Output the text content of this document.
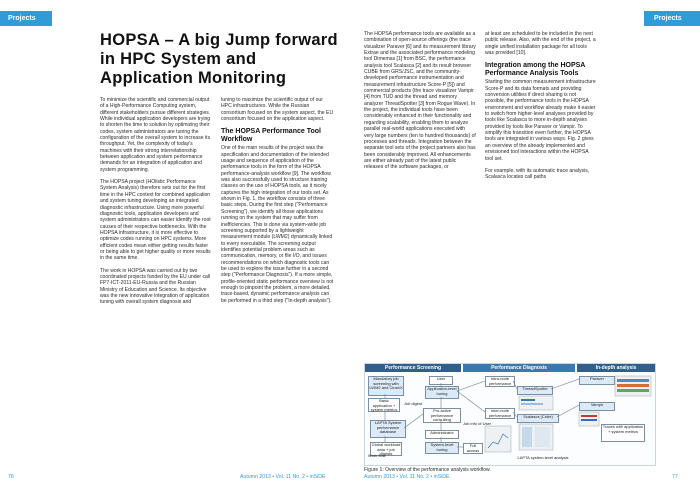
Projects	Projects
HOPSA – A big Jump forward in HPC System and Application Monitoring

To minimize the scientific and commercial output of a High-Performance Computing system, different stakeholders pursue different strategies. While individual application developers are trying to shorten the time to solution by optimizing their codes, system administrators are tuning the configuration of the overall system to increase its throughput. Yet, the complexity of today's machines with their strong interrelationship between application and system performance demands for an integration of application and system programming.

The HOPSA project (HOlistic Performance System Analysis) therefore sets out for the first time in the HPC context for combined application and system tuning developing an integrated diagnostic infrastructure. Using more powerful diagnostic tools, application developers and system administrators can easier identify the root causes of their respective bottlenecks. With the HOPSA infrastructure, it is more effective to optimize codes running on HPC systems. More efficient codes mean either getting results faster or being able to get higher quality or more results in the same time.

The work in HOPSA was carried out by two coordinated projects funded by the EU under call FP7-ICT-2011-EU-Russia and the Russian Ministry of Education and Science. Its objective was the new innovative integration of application tuning with overall system diagnosis and

tuning to maximize the scientific output of our HPC infrastructures. While the Russian consortium focused on the system aspect, the EU consortium focused on the application aspect.

The HOPSA Performance Tool Workflow

One of the main results of the project was the specification and documentation of the intended usage and sequence of application of the performance tools in the form of the HOPSA performance-analysis workflow [9]. The workflow was also successfully used to structure training classes on the use of HOPSA tools, as it nicely captures the high integration of our tools set. As shown in Fig. 1, the workflow consists of three basic steps. During the first step ("Performance Screening"), we identify all those applications running on the system that may suffer from inefficiencies. This is done via system-wide job screening supported by a lightweight measurement module (LWM2) dynamically linked to every executable. The screening output identifies potential problem areas such as communication, memory, or file I/O, and issues recommendations on which diagnostic tools can be used to explore the issue further in a second step ("Performance Diagnosis"). If a more simple, profile-oriented static performance overview is not enough to pinpoint the problem, a more detailed, trace-based, dynamic performance analysis can be performed in a third step ("In-depth analysis").

The HOPSA performance tools are available as a combination of open-source offerings (the trace visualizer Paraver [6] and its measurement library Extrae and the associated performance modeling tool Dimemas [1] from BSC, the performance analysis tool Scalasca [2] and its result browser CUBE from GRS/JSC, and the community-developed performance instrumentation and measurement infrastructure Score-P [5]) and commercial products (the trace visualizer Vampir [4] from TUD and the thread and memory analyzer ThreadSpotter [3] from Rogue Wave). In the project, the individual tools have been considerably enhanced in their functionality and regarding scalability, enabling them to analyze parallel real-world applications executed with very large numbers (ten to hundred thousands) of processes and threads. Integration between the separate tool sets of the project partners also has been considerably improved. All enhancements are either already part of the latest public releases of the software packages, or

at least are scheduled to be included in the next public release. Also, with the end of the project, a single unified installation package for all tools was provided [10].

Integration among the HOPSA Performance Analysis Tools

Starting the common measurement infrastructure Score-P and its data formats and providing conversion utilities if direct sharing is not possible, the performance tools in the HOPSA environment and workflow already make it easier to switch from higher-level analyses provided by tools like Scalasca to more in-depth analyses provided by tools like Paraver or Vampir. To simplify this transition even further, the HOPSA tools are integrated in various ways. Fig. 2 gives an overview of the already implemented and envisioned tool interactions within the HOPSA tool set.

For example, with its automatic trace analysis, Scalasca locates call paths

Performance Screening	Performance Diagnosis	In-depth analysis
Mandatory job screening with LWM2 and ClustrX
Basic application + system metrics
LAPTA System performance database
Global workload data + job digests
Job digest
User
Application-level tuning
Pro-active performance consulting
Administrator
System-level tuning
Full access
Job info of User
Work flow
Intra-node performance
ThreadSpotter
Inter-node performance	Scalasca (Cube)
Paraver
Vampir
Traces with application + system metrics
LAPTA system-level analysis
Figure 1: Overview of the performance analysis workflow.
76	Autumn 2013 • Vol. 11 No. 2 • inSiDE	Autumn 2013 • Vol. 11 No. 2 • inSiDE	77
